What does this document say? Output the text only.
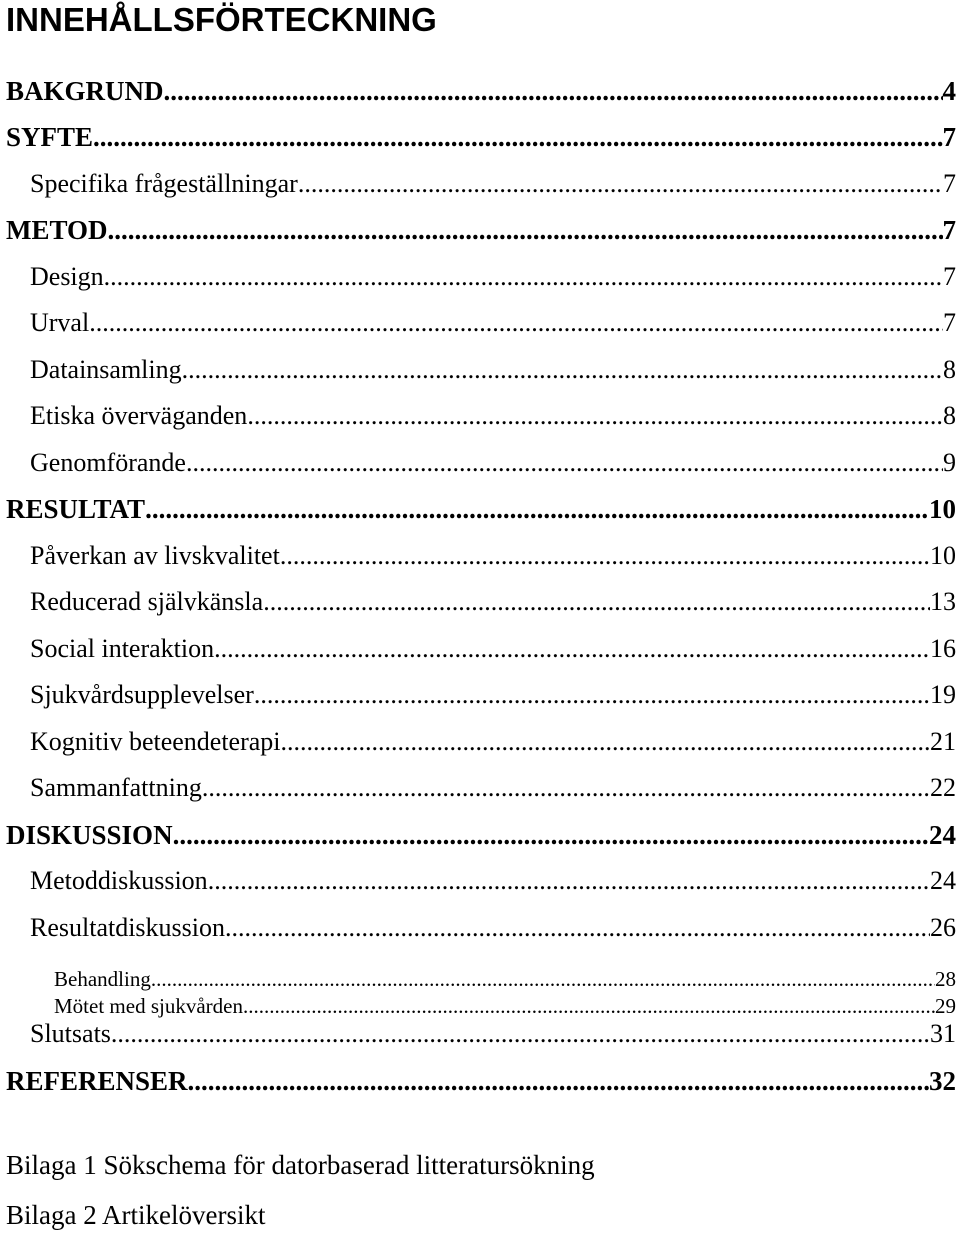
INNEHÅLLSFÖRTECKNING
BAKGRUND .....	4
SYFTE .....	7
Specifika frågeställningar .....	7
METOD .....	7
Design .....	7
Urval .....	7
Datainsamling .....	8
Etiska överväganden .....	8
Genomförande .....	9
RESULTAT .....	10
Påverkan av livskvalitet .....	10
Reducerad självkänsla .....	13
Social interaktion .....	16
Sjukvårdsupplevelser .....	19
Kognitiv beteendeterapi .....	21
Sammanfattning .....	22
DISKUSSION .....	24
Metoddiskussion .....	24
Resultatdiskussion .....	26
Behandling .....	28
Mötet med sjukvården .....	29
Slutsats .....	31
REFERENSER .....	32
Bilaga 1 Sökschema för datorbaserad litteratursökning
Bilaga 2 Artikelöversikt
